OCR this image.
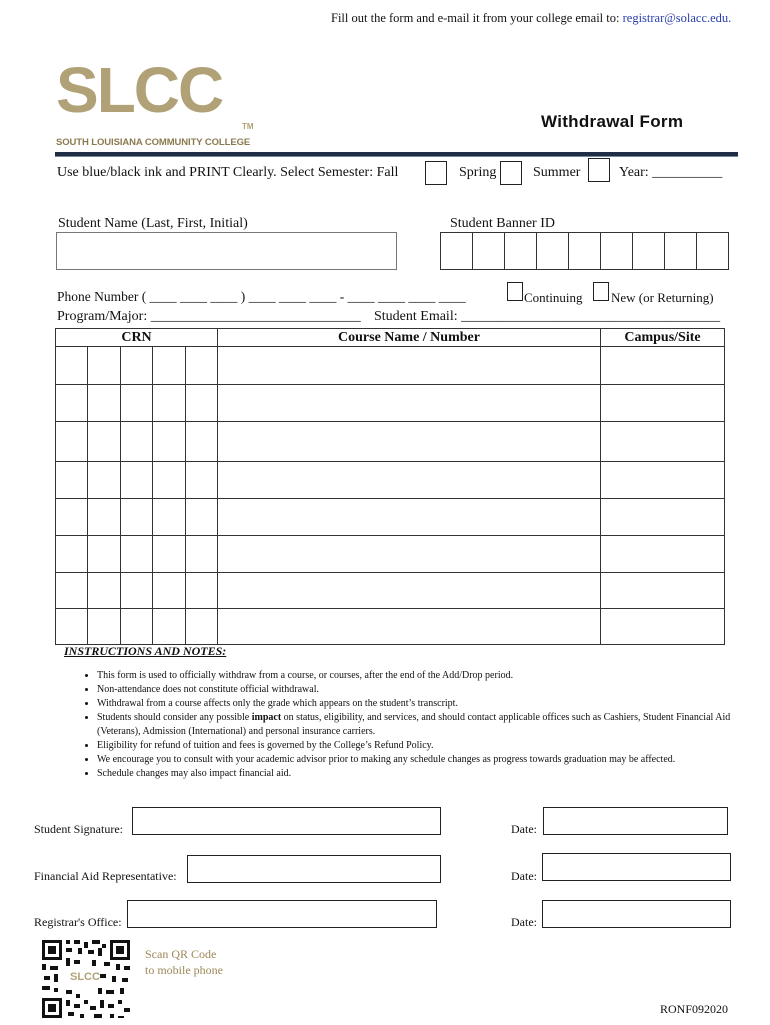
Fill out the form and e-mail it from your college email to: registrar@solacc.edu.
SLCC
TM
SOUTH LOUISIANA COMMUNITY COLLEGE
Withdrawal Form
Use blue/black ink and PRINT Clearly. Select Semester: Fall	Spring	Summer	Year: __________
Student Name (Last, First, Initial)	Student Banner ID
Phone Number ( ____ ____ ____ ) ____ ____ ____ - ____ ____ ____ ____	Continuing New (or Returning)
Program/Major: ______________________________ Student Email: _____________________________________
CRN	Course Name / Number	Campus/Site

INSTRUCTIONS AND NOTES:
• This form is used to officially withdraw from a course, or courses, after the end of the Add/Drop period.
• Non-attendance does not constitute official withdrawal.
• Withdrawal from a course affects only the grade which appears on the student’s transcript.
• Students should consider any possible impact on status, eligibility, and services, and should contact applicable offices such as Cashiers, Student Financial Aid (Veterans), Admission (International) and personal insurance carriers.
• Eligibility for refund of tuition and fees is governed by the College’s Refund Policy.
• We encourage you to consult with your academic advisor prior to making any schedule changes as progress towards graduation may be affected.
• Schedule changes may also impact financial aid.
Student Signature:	Date:
Financial Aid Representative:	Date:
Registrar's Office:	Date:
SLCC
Scan QR Code
to mobile phone
RONF092020
